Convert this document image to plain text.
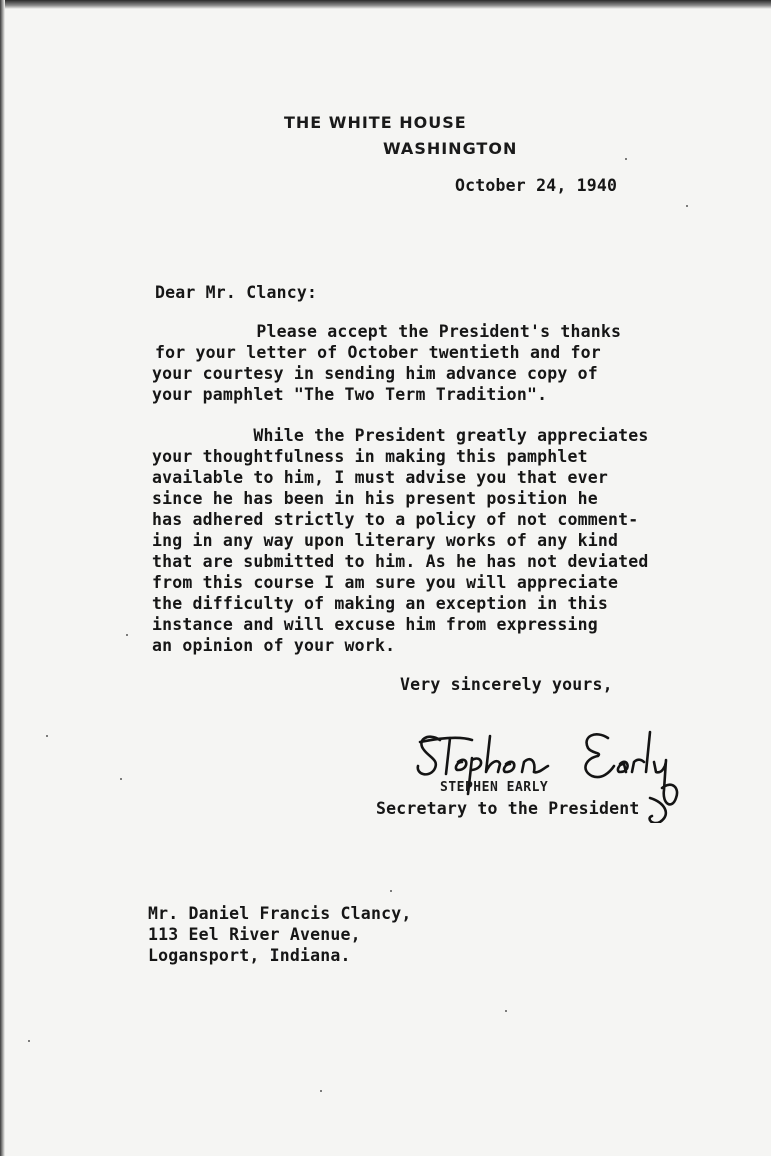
THE WHITE HOUSE
WASHINGTON
October 24, 1940
Dear Mr. Clancy:
Please accept the President's thanks
for your letter of October twentieth and for
your courtesy in sending him advance copy of
your pamphlet "The Two Term Tradition".
While the President greatly appreciates
your thoughtfulness in making this pamphlet
available to him, I must advise you that ever
since he has been in his present position he
has adhered strictly to a policy of not comment-
ing in any way upon literary works of any kind
that are submitted to him. As he has not deviated
from this course I am sure you will appreciate
the difficulty of making an exception in this
instance and will excuse him from expressing
an opinion of your work.
Very sincerely yours,
STEPHEN EARLY
Secretary to the President
Mr. Daniel Francis Clancy,
113 Eel River Avenue,
Logansport, Indiana.
